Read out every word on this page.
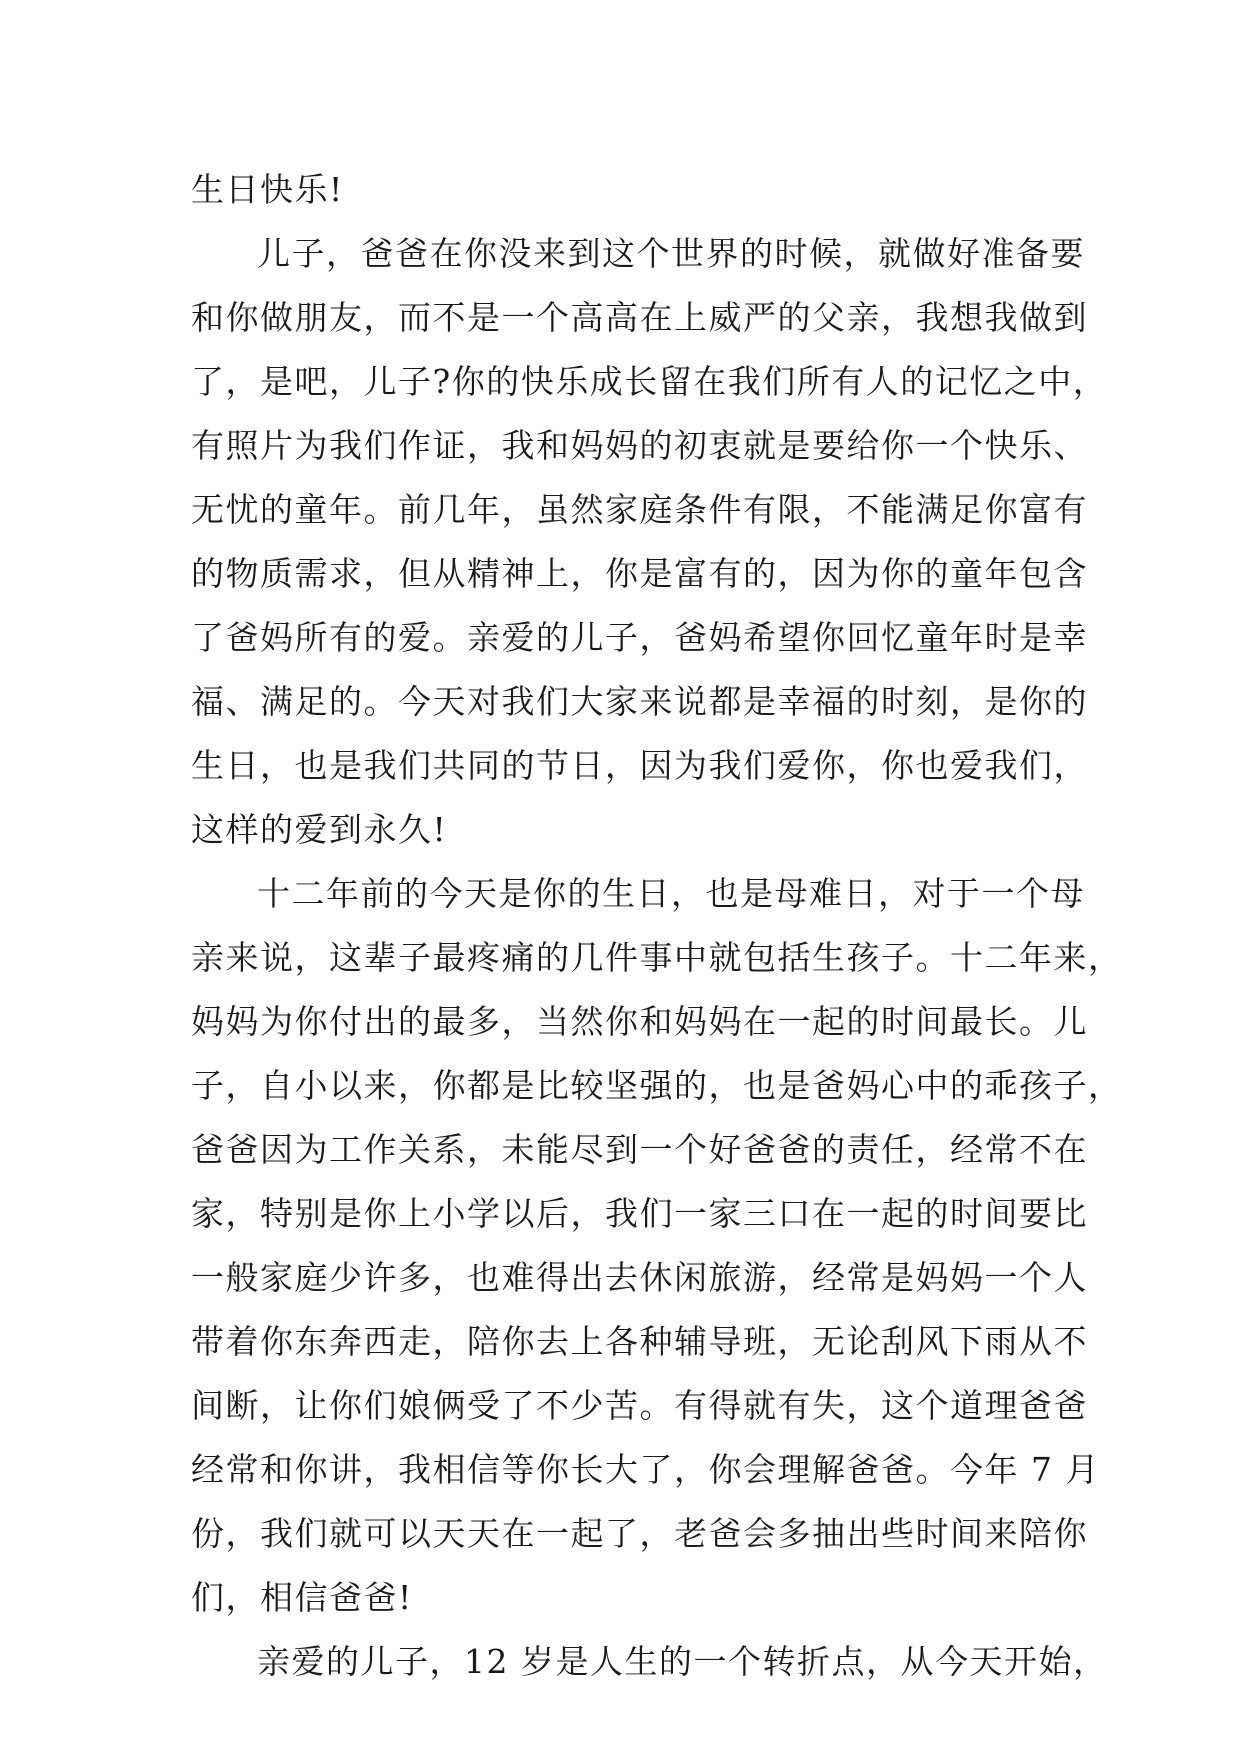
生日快乐!
儿子，爸爸在你没来到这个世界的时候，就做好准备要
和你做朋友，而不是一个高高在上威严的父亲，我想我做到
了，是吧，儿子?你的快乐成长留在我们所有人的记忆之中，
有照片为我们作证，我和妈妈的初衷就是要给你一个快乐、
无忧的童年。前几年，虽然家庭条件有限，不能满足你富有
的物质需求，但从精神上，你是富有的，因为你的童年包含
了爸妈所有的爱。亲爱的儿子，爸妈希望你回忆童年时是幸
福、满足的。今天对我们大家来说都是幸福的时刻，是你的
生日，也是我们共同的节日，因为我们爱你，你也爱我们，
这样的爱到永久!
十二年前的今天是你的生日，也是母难日，对于一个母
亲来说，这辈子最疼痛的几件事中就包括生孩子。十二年来，
妈妈为你付出的最多，当然你和妈妈在一起的时间最长。儿
子，自小以来，你都是比较坚强的，也是爸妈心中的乖孩子，
爸爸因为工作关系，未能尽到一个好爸爸的责任，经常不在
家，特别是你上小学以后，我们一家三口在一起的时间要比
一般家庭少许多，也难得出去休闲旅游，经常是妈妈一个人
带着你东奔西走，陪你去上各种辅导班，无论刮风下雨从不
间断，让你们娘俩受了不少苦。有得就有失，这个道理爸爸
经常和你讲，我相信等你长大了，你会理解爸爸。今年 7 月
份，我们就可以天天在一起了，老爸会多抽出些时间来陪你
们，相信爸爸!
亲爱的儿子，12 岁是人生的一个转折点，从今天开始，
